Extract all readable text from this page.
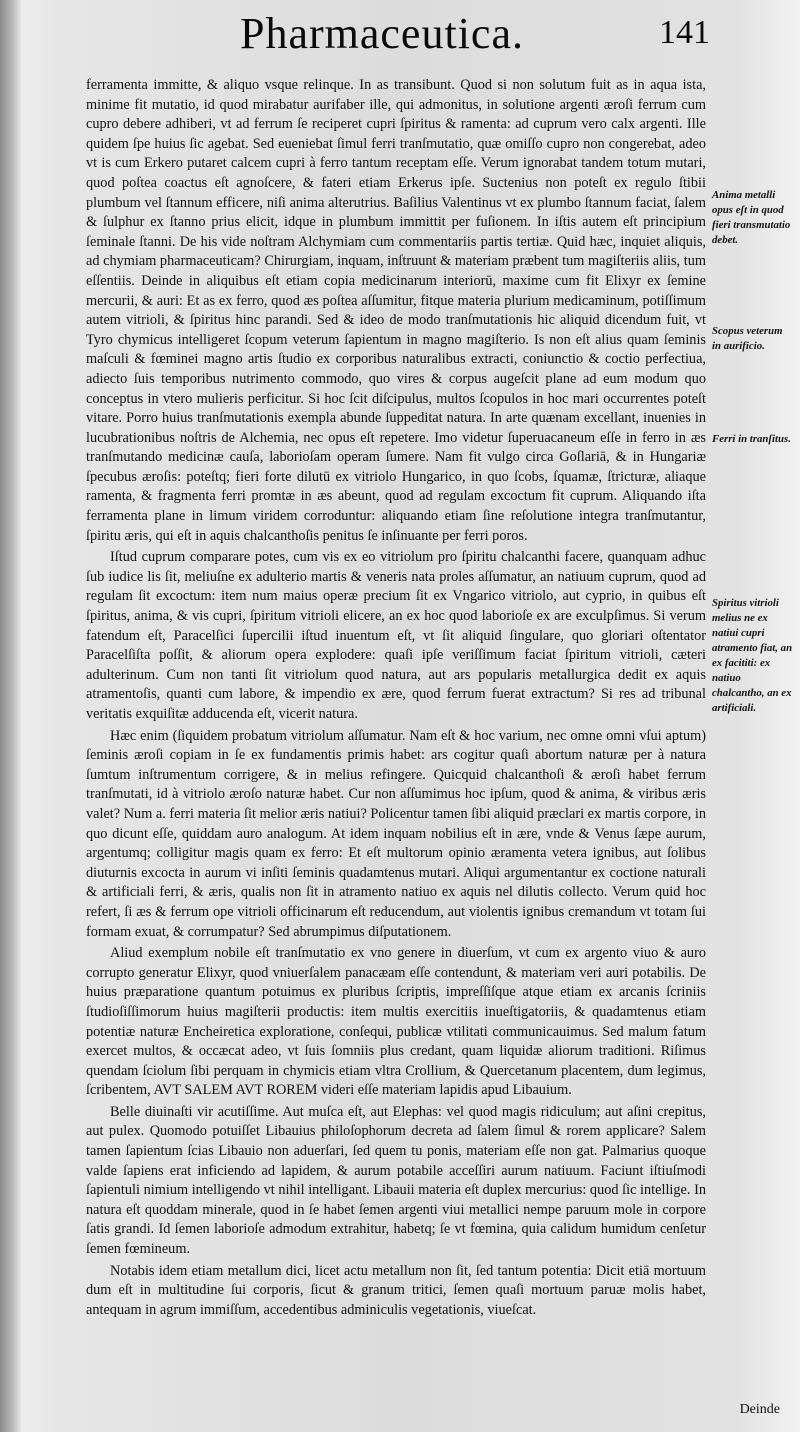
Pharmaceutica.	141

ferramenta immitte, & aliquo vsque relinque. In as transibunt. Quod si non solutum fuit as in aqua ista, minime fit mutatio, id quod mirabatur aurifaber ille, qui admonitus, in solutione argenti æroſi ferrum cum cupro debere adhiberi, vt ad ferrum ſe reciperet cupri ſpiritus & ramenta: ad cuprum vero calx argenti. Ille quidem ſpe huius ſic agebat. Sed eueniebat ſimul ferri tranſmutatio, quæ omiſſo cupro non congerebat, adeo vt is cum Erkero putaret calcem cupri à ferro tantum receptam eſſe. Verum ignorabat tandem totum mutari, quod poſtea coactus eſt agnoſcere, & fateri etiam Erkerus ipſe. Suctenius non poteſt ex regulo ſtibii plumbum vel ſtannum efficere, niſi anima alterutrius. Baſilius Valentinus vt ex plumbo ſtannum faciat, ſalem & ſulphur ex ſtanno prius elicit, idque in plumbum immittit per fuſionem. In iſtis autem eſt principium ſeminale ſtanni. De his vide noſtram Alchymiam cum commentariis partis tertiæ. Quid hæc, inquiet aliquis, ad chymiam pharmaceuticam? Chirurgiam, inquam, inſtruunt & materiam præbent tum magiſteriis aliis, tum eſſentiis. Deinde in aliquibus eſt etiam copia medicinarum interiorū, maxime cum fit Elixyr ex ſemine mercurii, & auri: Et as ex ferro, quod æs poſtea aſſumitur, fitque materia plurium medicaminum, potiſſimum autem vitrioli, & ſpiritus hinc parandi. Sed & ideo de modo tranſmutationis hic aliquid dicendum fuit, vt Tyro chymicus intelligeret ſcopum veterum ſapientum in magno magiſterio. Is non eſt alius quam ſeminis maſculi & fœminei magno artis ſtudio ex corporibus naturalibus extracti, coniunctio & coctio perfectiua, adiecto ſuis temporibus nutrimento commodo, quo vires & corpus augeſcit plane ad eum modum quo conceptus in vtero mulieris perficitur. Si hoc ſcit diſcipulus, multos ſcopulos in hoc mari occurrentes poteſt vitare. Porro huius tranſmutationis exempla abunde ſuppeditat natura. In arte quænam excellant, inuenies in lucubrationibus noſtris de Alchemia, nec opus eſt repetere. Imo videtur ſuperuacaneum eſſe in ferro in æs tranſmutando medicinæ cauſa, laborioſam operam ſumere. Nam fit vulgo circa Goſlariā, & in Hungariæ ſpecubus æroſis: poteſtq; fieri forte dilutū ex vitriolo Hungarico, in quo ſcobs, ſquamæ, ſtricturæ, aliaque ramenta, & fragmenta ferri promtæ in æs abeunt, quod ad regulam excoctum fit cuprum. Aliquando iſta ferramenta plane in limum viridem corroduntur: aliquando etiam ſine reſolutione integra tranſmutantur, ſpiritu æris, qui eſt in aquis chalcanthoſis penitus ſe inſinuante per ferri poros.

Iſtud cuprum comparare potes, cum vis ex eo vitriolum pro ſpiritu chalcanthi facere, quanquam adhuc ſub iudice lis ſit, meliuſne ex adulterio martis & veneris nata proles aſſumatur, an natiuum cuprum, quod ad regulam ſit excoctum: item num maius operæ precium ſit ex Vngarico vitriolo, aut cyprio, in quibus eſt ſpiritus, anima, & vis cupri, ſpiritum vitrioli elicere, an ex hoc quod laborioſe ex are exculpſimus. Si verum fatendum eſt, Paracelſici ſupercilii iſtud inuentum eſt, vt ſit aliquid ſingulare, quo gloriari oſtentator Paracelſiſta poſſit, & aliorum opera explodere: quaſi ipſe veriſſimum faciat ſpiritum vitrioli, cæteri adulterinum. Cum non tanti ſit vitriolum quod natura, aut ars popularis metallurgica dedit ex aquis atramentoſis, quanti cum labore, & impendio ex ære, quod ferrum fuerat extractum? Si res ad tribunal veritatis exquiſitæ adducenda eſt, vicerit natura.

Hæc enim (ſiquidem probatum vitriolum aſſumatur. Nam eſt & hoc varium, nec omne omni vſui aptum) ſeminis æroſi copiam in ſe ex fundamentis primis habet: ars cogitur quaſi abortum naturæ per à natura ſumtum inſtrumentum corrigere, & in melius refingere. Quicquid chalcanthoſi & æroſi habet ferrum tranſmutati, id à vitriolo æroſo naturæ habet. Cur non aſſumimus hoc ipſum, quod & anima, & viribus æris valet? Num a. ferri materia ſit melior æris natiui? Policentur tamen ſibi aliquid præclari ex martis corpore, in quo dicunt eſſe, quiddam auro analogum. At idem inquam nobilius eſt in ære, vnde & Venus ſæpe aurum, argentumq; colligitur magis quam ex ferro: Et eſt multorum opinio æramenta vetera ignibus, aut ſolibus diuturnis excocta in aurum vi inſiti ſeminis quadamtenus mutari. Aliqui argumentantur ex coctione naturali & artificiali ferri, & æris, qualis non ſit in atramento natiuo ex aquis nel dilutis collecto. Verum quid hoc refert, ſi æs & ferrum ope vitrioli officinarum eſt reducendum, aut violentis ignibus cremandum vt totam ſui formam exuat, & corrumpatur? Sed abrumpimus diſputationem.

Aliud exemplum nobile eſt tranſmutatio ex vno genere in diuerſum, vt cum ex argento viuo & auro corrupto generatur Elixyr, quod vniuerſalem panacæam eſſe contendunt, & materiam veri auri potabilis. De huius præparatione quantum potuimus ex pluribus ſcriptis, impreſſiſque atque etiam ex arcanis ſcriniis ſtudioſiſſimorum huius magiſterii productis: item multis exercitiis inueſtigatoriis, & quadamtenus etiam potentiæ naturæ Encheiretica exploratione, conſequi, publicæ vtilitati communicauimus. Sed malum fatum exercet multos, & occæcat adeo, vt ſuis ſomniis plus credant, quam liquidæ aliorum traditioni. Riſimus quendam ſciolum ſibi perquam in chymicis etiam vltra Crollium, & Quercetanum placentem, dum legimus, ſcribentem, AVT SALEM AVT ROREM videri eſſe materiam lapidis apud Libauium.

Belle diuinaſti vir acutiſſime. Aut muſca eſt, aut Elephas: vel quod magis ridiculum; aut aſini crepitus, aut pulex. Quomodo potuiſſet Libauius philoſophorum decreta ad ſalem ſimul & rorem applicare? Salem tamen ſapientum ſcias Libauio non aduerſari, ſed quem tu ponis, materiam eſſe non gat. Palmarius quoque valde ſapiens erat inficiendo ad lapidem, & aurum potabile acceſſiri aurum natiuum. Faciunt iſtiuſmodi ſapientuli nimium intelligendo vt nihil intelligant. Libauii materia eſt duplex mercurius: quod ſic intellige. In natura eſt quoddam minerale, quod in ſe habet ſemen argenti viui metallici nempe paruum mole in corpore ſatis grandi. Id ſemen laborioſe admodum extrahitur, habetq; ſe vt fœmina, quia calidum humidum cenſetur ſemen fœmineum.

Notabis idem etiam metallum dici, licet actu metallum non ſit, ſed tantum potentia: Dicit etiā mortuum dum eſt in multitudine ſui corporis, ſicut & granum tritici, ſemen quaſi mortuum paruæ molis habet, antequam in agrum immiſſum, accedentibus adminiculis vegetationis, viueſcat.

Anima metalli opus eſt in quod fieri transmutatio debet.
Scopus veterum in aurificio.
Ferri in tranſitus.
Spiritus vitrioli melius ne ex natiui cupri atramento fiat, an ex facititi: ex natiuo chalcantho, an ex artificiali.
Deinde
